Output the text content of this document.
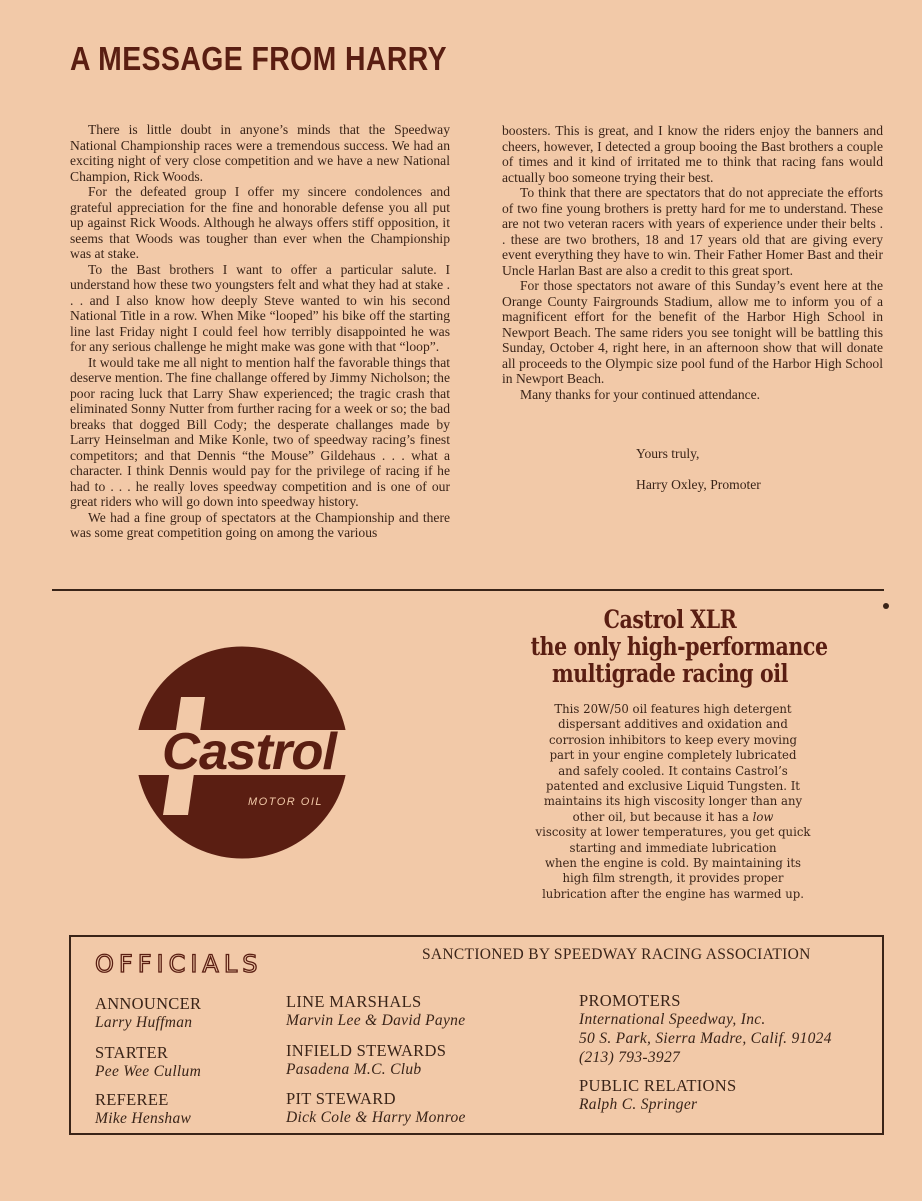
A MESSAGE FROM HARRY

There is little doubt in anyone’s minds that the Speedway National Championship races were a tremendous success. We had an exciting night of very close competition and we have a new National Champion, Rick Woods.

For the defeated group I offer my sincere condolences and grateful appreciation for the fine and honorable defense you all put up against Rick Woods. Although he always offers stiff opposition, it seems that Woods was tougher than ever when the Championship was at stake.

To the Bast brothers I want to offer a particular salute. I understand how these two youngsters felt and what they had at stake . . . and I also know how deeply Steve wanted to win his second National Title in a row. When Mike “looped” his bike off the starting line last Friday night I could feel how terribly disappointed he was for any serious challenge he might make was gone with that “loop”.

It would take me all night to mention half the favorable things that deserve mention. The fine challange offered by Jimmy Nicholson; the poor racing luck that Larry Shaw experienced; the tragic crash that eliminated Sonny Nutter from further racing for a week or so; the bad breaks that dogged Bill Cody; the desperate challanges made by Larry Heinselman and Mike Konle, two of speedway racing’s finest competitors; and that Dennis “the Mouse” Gildehaus . . . what a character. I think Dennis would pay for the privilege of racing if he had to . . . he really loves speedway competition and is one of our great riders who will go down into speedway history.

We had a fine group of spectators at the Championship and there was some great competition going on among the various

boosters. This is great, and I know the riders enjoy the banners and cheers, however, I detected a group booing the Bast brothers a couple of times and it kind of irritated me to think that racing fans would actually boo someone trying their best.

To think that there are spectators that do not appreciate the efforts of two fine young brothers is pretty hard for me to understand. These are not two veteran racers with years of experience under their belts . . these are two brothers, 18 and 17 years old that are giving every event everything they have to win. Their Father Homer Bast and their Uncle Harlan Bast are also a credit to this great sport.

For those spectators not aware of this Sunday’s event here at the Orange County Fairgrounds Stadium, allow me to inform you of a magnificent effort for the benefit of the Harbor High School in Newport Beach. The same riders you see tonight will be battling this Sunday, October 4, right here, in an afternoon show that will donate all proceeds to the Olympic size pool fund of the Harbor High School in Newport Beach.

Many thanks for your continued attendance.

Yours truly,
Harry Oxley, Promoter
Castrol
MOTOR OIL
Castrol XLR
the only high-performance
multigrade racing oil
This 20W/50 oil features high detergent
dispersant additives and oxidation and
corrosion inhibitors to keep every moving
part in your engine completely lubricated
and safely cooled. It contains Castrol’s
patented and exclusive Liquid Tungsten. It
maintains its high viscosity longer than any
other oil, but because it has a low
viscosity at lower temperatures, you get quick
starting and immediate lubrication
when the engine is cold. By maintaining its
high film strength, it provides proper
lubrication after the engine has warmed up.
OFFICIALS	SANCTIONED BY SPEEDWAY RACING ASSOCIATION
ANNOUNCER
Larry Huffman
STARTER
Pee Wee Cullum
REFEREE
Mike Henshaw
LINE MARSHALS
Marvin Lee & David Payne
INFIELD STEWARDS
Pasadena M.C. Club
PIT STEWARD
Dick Cole & Harry Monroe
PROMOTERS
International Speedway, Inc.
50 S. Park, Sierra Madre, Calif. 91024
(213) 793-3927
PUBLIC RELATIONS
Ralph C. Springer
